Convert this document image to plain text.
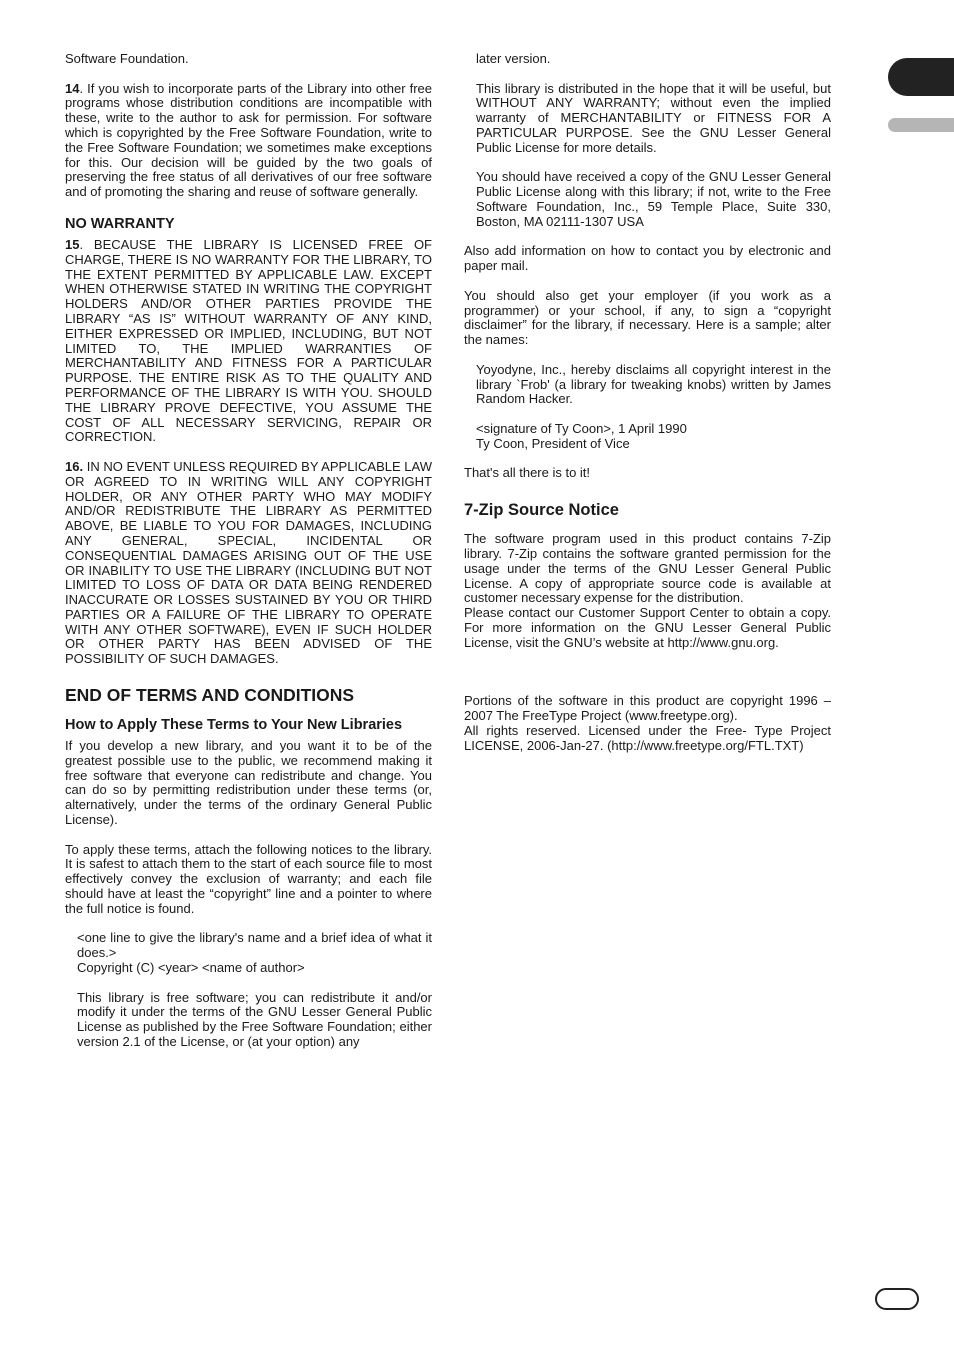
Software Foundation.

14. If you wish to incorporate parts of the Library into other free programs whose distribution conditions are incompatible with these, write to the author to ask for permission. For software which is copyrighted by the Free Software Foundation, write to the Free Software Foundation; we sometimes make exceptions for this. Our decision will be guided by the two goals of preserving the free status of all derivatives of our free software and of promoting the sharing and reuse of software generally.

NO WARRANTY

15. BECAUSE THE LIBRARY IS LICENSED FREE OF CHARGE, THERE IS NO WARRANTY FOR THE LIBRARY, TO THE EXTENT PERMITTED BY APPLICABLE LAW. EXCEPT WHEN OTHERWISE STATED IN WRITING THE COPYRIGHT HOLDERS AND/OR OTHER PARTIES PROVIDE THE LIBRARY “AS IS” WITHOUT WARRANTY OF ANY KIND, EITHER EXPRESSED OR IMPLIED, INCLUDING, BUT NOT LIMITED TO, THE IMPLIED WARRANTIES OF MERCHANTABILITY AND FITNESS FOR A PARTICULAR PURPOSE. THE ENTIRE RISK AS TO THE QUALITY AND PERFORMANCE OF THE LIBRARY IS WITH YOU. SHOULD THE LIBRARY PROVE DEFECTIVE, YOU ASSUME THE COST OF ALL NECESSARY SERVICING, REPAIR OR CORRECTION.

16. IN NO EVENT UNLESS REQUIRED BY APPLICABLE LAW OR AGREED TO IN WRITING WILL ANY COPYRIGHT HOLDER, OR ANY OTHER PARTY WHO MAY MODIFY AND/OR REDISTRIBUTE THE LIBRARY AS PERMITTED ABOVE, BE LIABLE TO YOU FOR DAMAGES, INCLUDING ANY GENERAL, SPECIAL, INCIDENTAL OR CONSEQUENTIAL DAMAGES ARISING OUT OF THE USE OR INABILITY TO USE THE LIBRARY (INCLUDING BUT NOT LIMITED TO LOSS OF DATA OR DATA BEING RENDERED INACCURATE OR LOSSES SUSTAINED BY YOU OR THIRD PARTIES OR A FAILURE OF THE LIBRARY TO OPERATE WITH ANY OTHER SOFTWARE), EVEN IF SUCH HOLDER OR OTHER PARTY HAS BEEN ADVISED OF THE POSSIBILITY OF SUCH DAMAGES.

END OF TERMS AND CONDITIONS
How to Apply These Terms to Your New Libraries

If you develop a new library, and you want it to be of the greatest possible use to the public, we recommend making it free software that everyone can redistribute and change. You can do so by permitting redistribution under these terms (or, alternatively, under the terms of the ordinary General Public License).

To apply these terms, attach the following notices to the library. It is safest to attach them to the start of each source file to most effectively convey the exclusion of warranty; and each file should have at least the “copyright” line and a pointer to where the full notice is found.

<one line to give the library's name and a brief idea of what it does.>

Copyright (C) <year> <name of author>

This library is free software; you can redistribute it and/or modify it under the terms of the GNU Lesser General Public License as published by the Free Software Foundation; either version 2.1 of the License, or (at your option) any

later version.

This library is distributed in the hope that it will be useful, but WITHOUT ANY WARRANTY; without even the implied warranty of MERCHANTABILITY or FITNESS FOR A PARTICULAR PURPOSE. See the GNU Lesser General Public License for more details.

You should have received a copy of the GNU Lesser General Public License along with this library; if not, write to the Free Software Foundation, Inc., 59 Temple Place, Suite 330, Boston, MA 02111-1307 USA

Also add information on how to contact you by electronic and paper mail.

You should also get your employer (if you work as a programmer) or your school, if any, to sign a “copyright disclaimer” for the library, if necessary. Here is a sample; alter the names:

Yoyodyne, Inc., hereby disclaims all copyright interest in the library `Frob' (a library for tweaking knobs) written by James Random Hacker.

<signature of Ty Coon>, 1 April 1990

Ty Coon, President of Vice

That's all there is to it!

7-Zip Source Notice

The software program used in this product contains 7-Zip library. 7-Zip contains the software granted permission for the usage under the terms of the GNU Lesser General Public License. A copy of appropriate source code is available at customer necessary expense for the distribution.

Please contact our Customer Support Center to obtain a copy. For more information on the GNU Lesser General Public License, visit the GNU’s website at http://www.gnu.org.

Portions of the software in this product are copyright 1996 – 2007 The FreeType Project (www.freetype.org).

All rights reserved. Licensed under the Free- Type Project LICENSE, 2006-Jan-27. (http://www.freetype.org/FTL.TXT)
